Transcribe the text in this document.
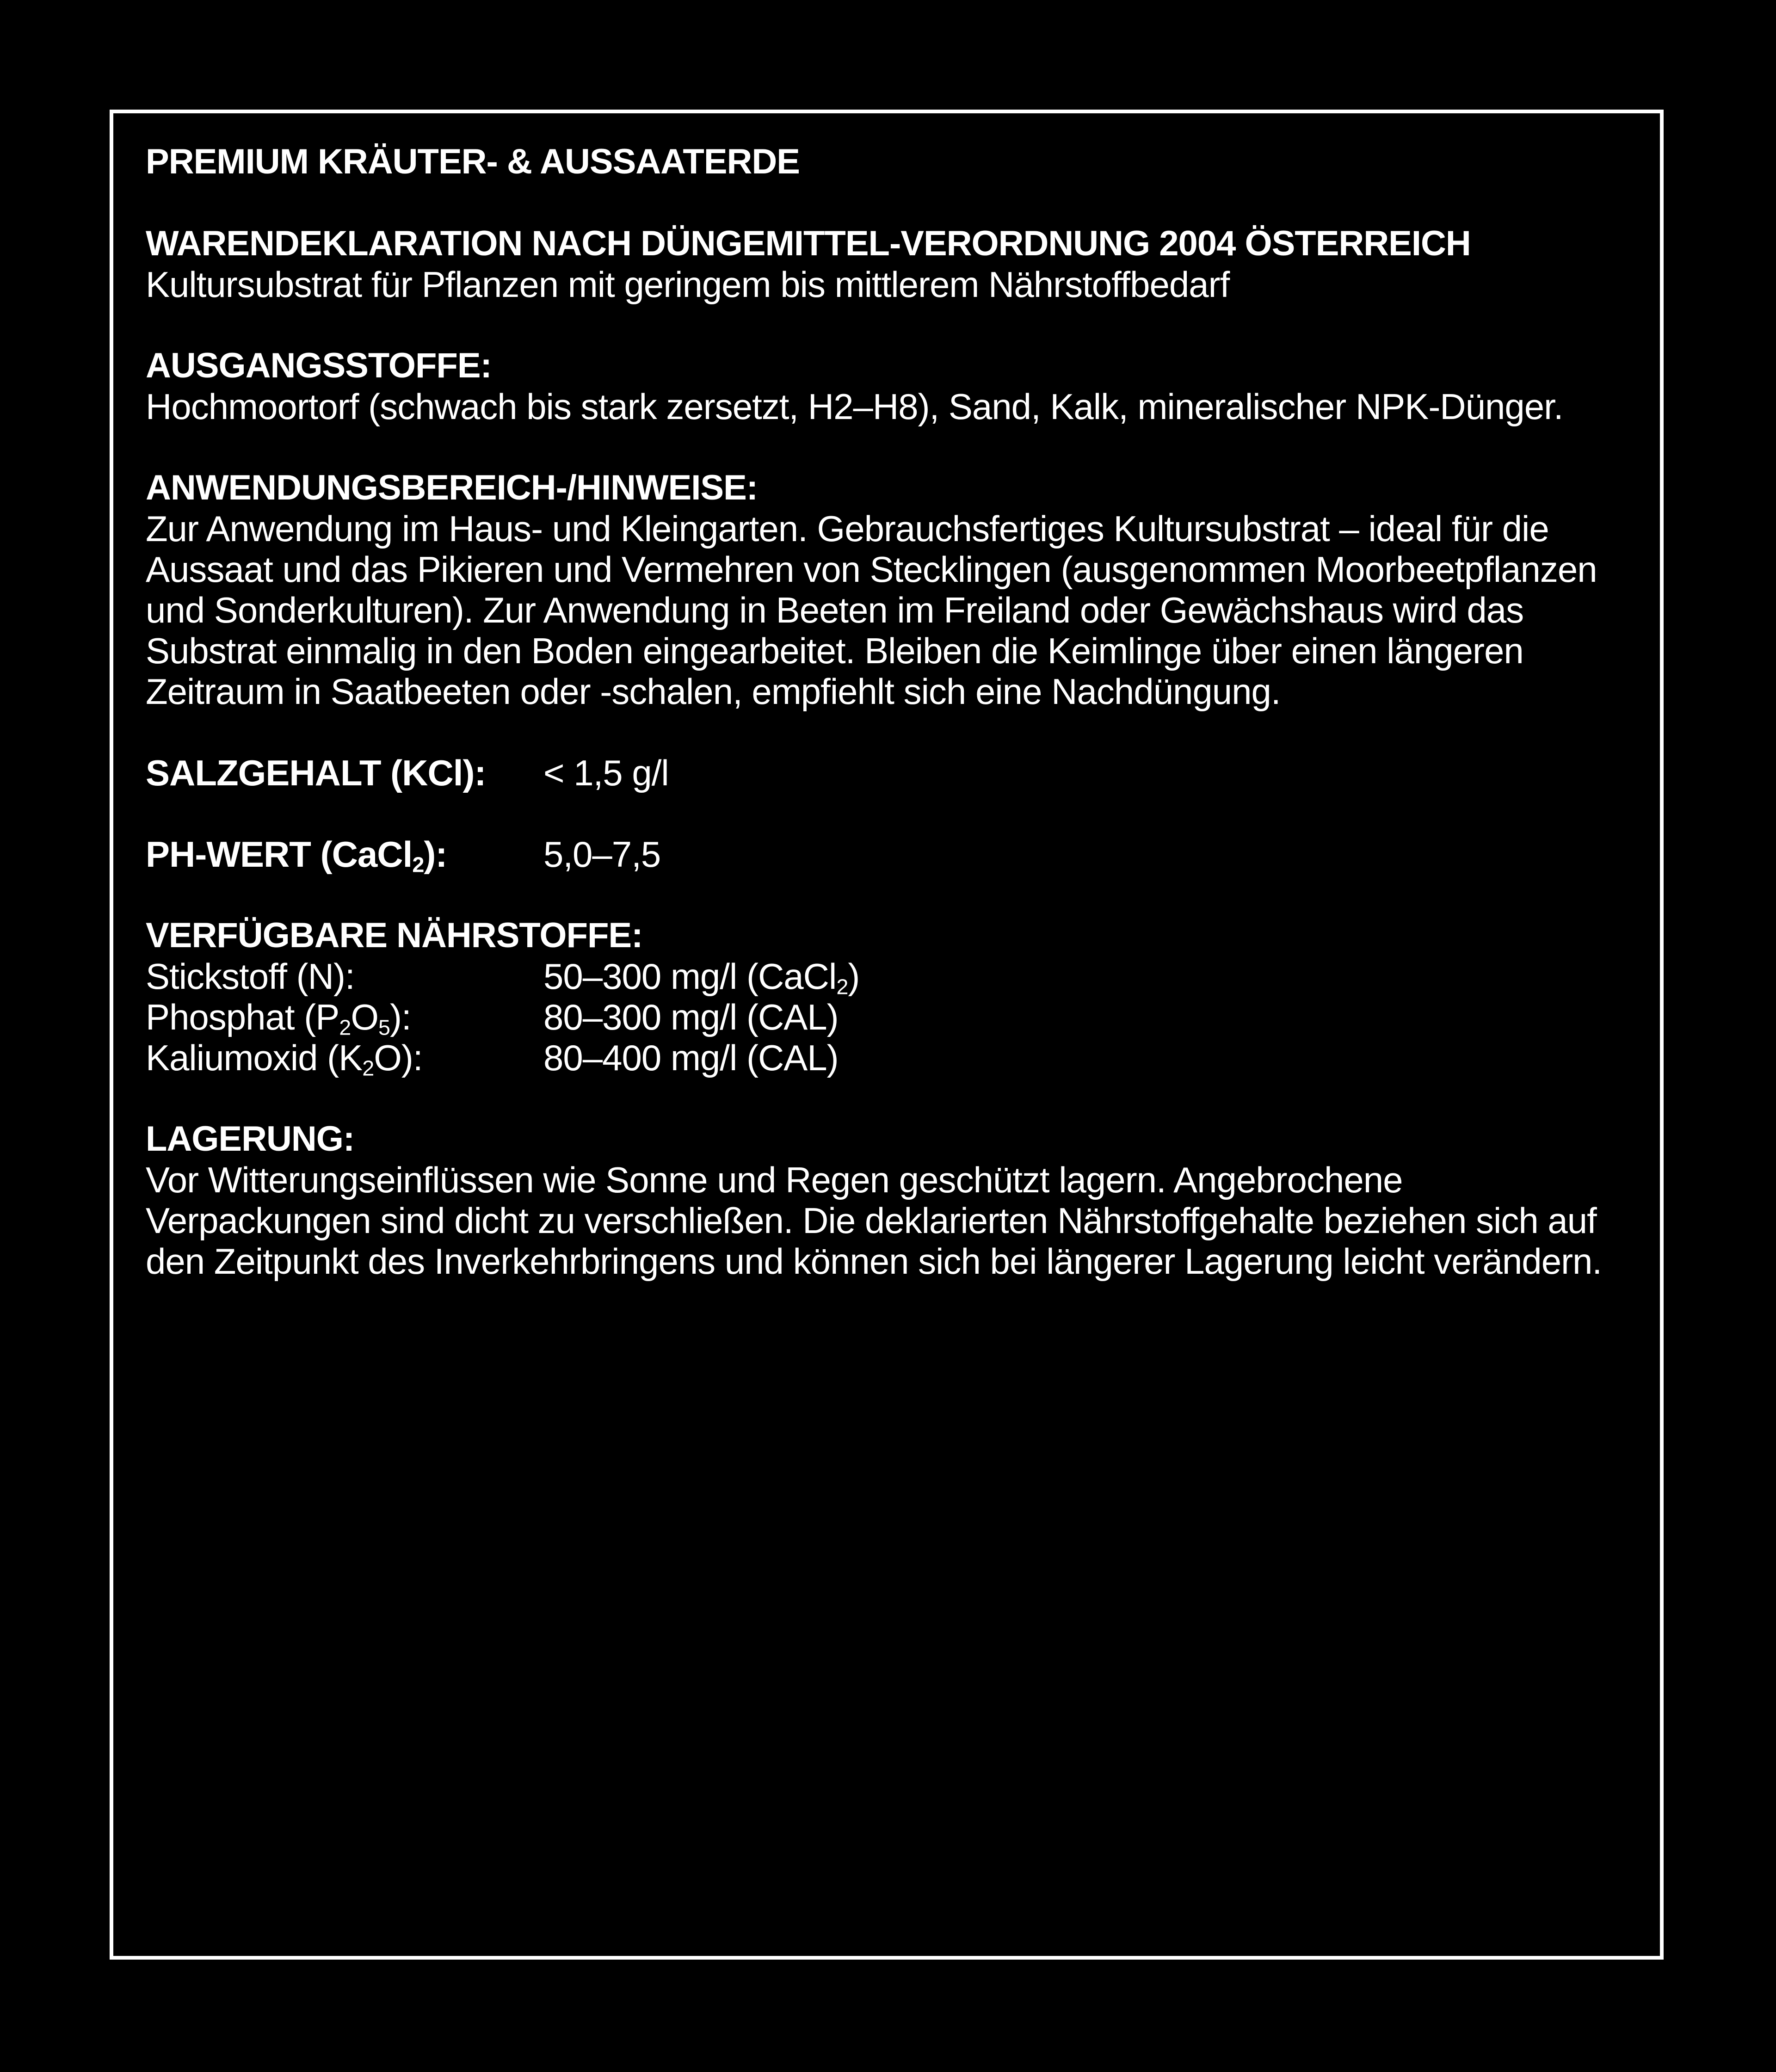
PREMIUM KRÄUTER- & AUSSAATERDE
WARENDEKLARATION NACH DÜNGEMITTEL-VERORDNUNG 2004 ÖSTERREICH
Kultursubstrat für Pflanzen mit geringem bis mittlerem Nährstoffbedarf
AUSGANGSSTOFFE:
Hochmoortorf (schwach bis stark zersetzt, H2–H8), Sand, Kalk, mineralischer NPK-Dünger.
ANWENDUNGSBEREICH-/HINWEISE:
Zur Anwendung im Haus- und Kleingarten. Gebrauchsfertiges Kultursubstrat – ideal für die Aussaat und das Pikieren und Vermehren von Stecklingen (ausgenommen Moorbeetpflanzen und Sonderkulturen). Zur Anwendung in Beeten im Freiland oder Gewächshaus wird das Substrat einmalig in den Boden eingearbeitet. Bleiben die Keimlinge über einen längeren Zeitraum in Saatbeeten oder -schalen, empfiehlt sich eine Nachdüngung.
SALZGEHALT (KCl):	< 1,5 g/l
PH-WERT (CaCl$_2$):	5,0–7,5
VERFÜGBARE NÄHRSTOFFE:
Stickstoff (N):	50–300 mg/l (CaCl$_2$)
Phosphat $(P_2O_5)$:	80–300 mg/l (CAL)
Kaliumoxid $(K_2O)$:	80–400 mg/l (CAL)
LAGERUNG:
Vor Witterungseinflüssen wie Sonne und Regen geschützt lagern. Angebrochene Verpackungen sind dicht zu verschließen. Die deklarierten Nährstoffgehalte beziehen sich auf den Zeitpunkt des Inverkehrbringens und können sich bei längerer Lagerung leicht verändern.
